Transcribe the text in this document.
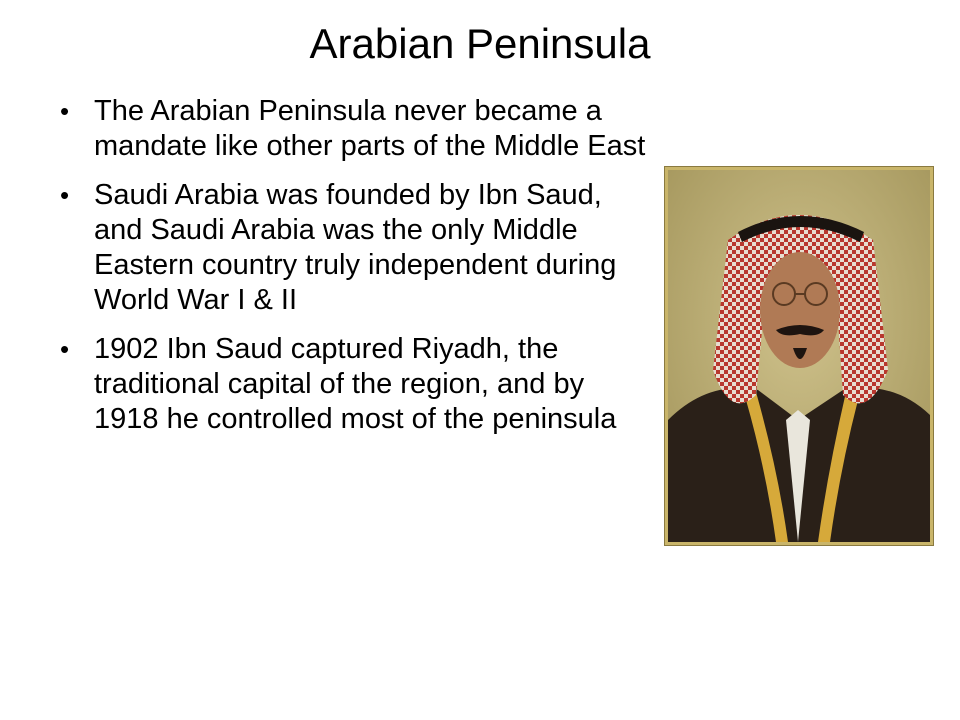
Arabian Peninsula
• The Arabian Peninsula never became a mandate like other parts of the Middle East
• Saudi Arabia was founded by Ibn Saud, and Saudi Arabia was the only Middle Eastern country truly independent during World War I & II
• 1902 Ibn Saud captured Riyadh, the traditional capital of the region, and by 1918 he controlled most of the peninsula
